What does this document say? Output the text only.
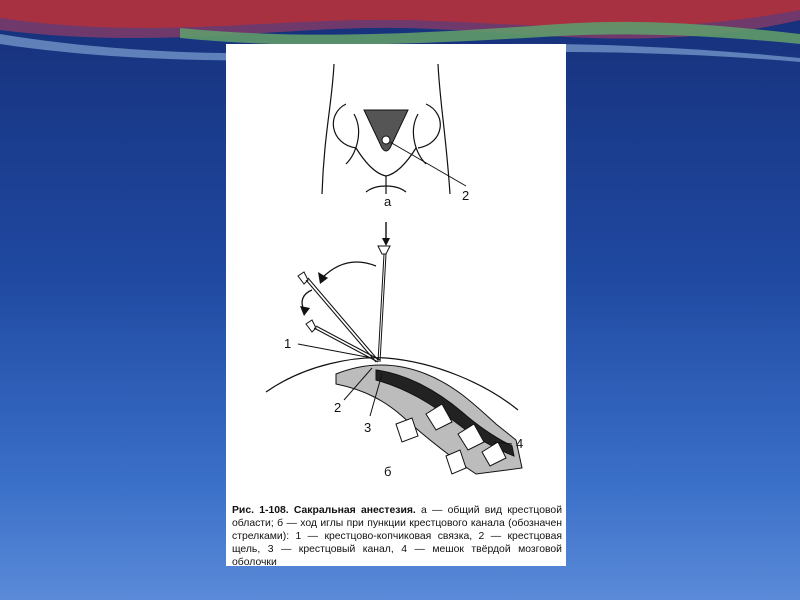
2
а
1
2
3
4
б
Рис. 1-108. Сакральная анестезия. а — общий вид крестцовой области; б — ход иглы при пункции крестцового канала (обозначен стрелками): 1 — крестцово-копчиковая связка, 2 — крестцовая щель, 3 — крестцовый канал, 4 — мешок твёрдой мозговой оболочки
